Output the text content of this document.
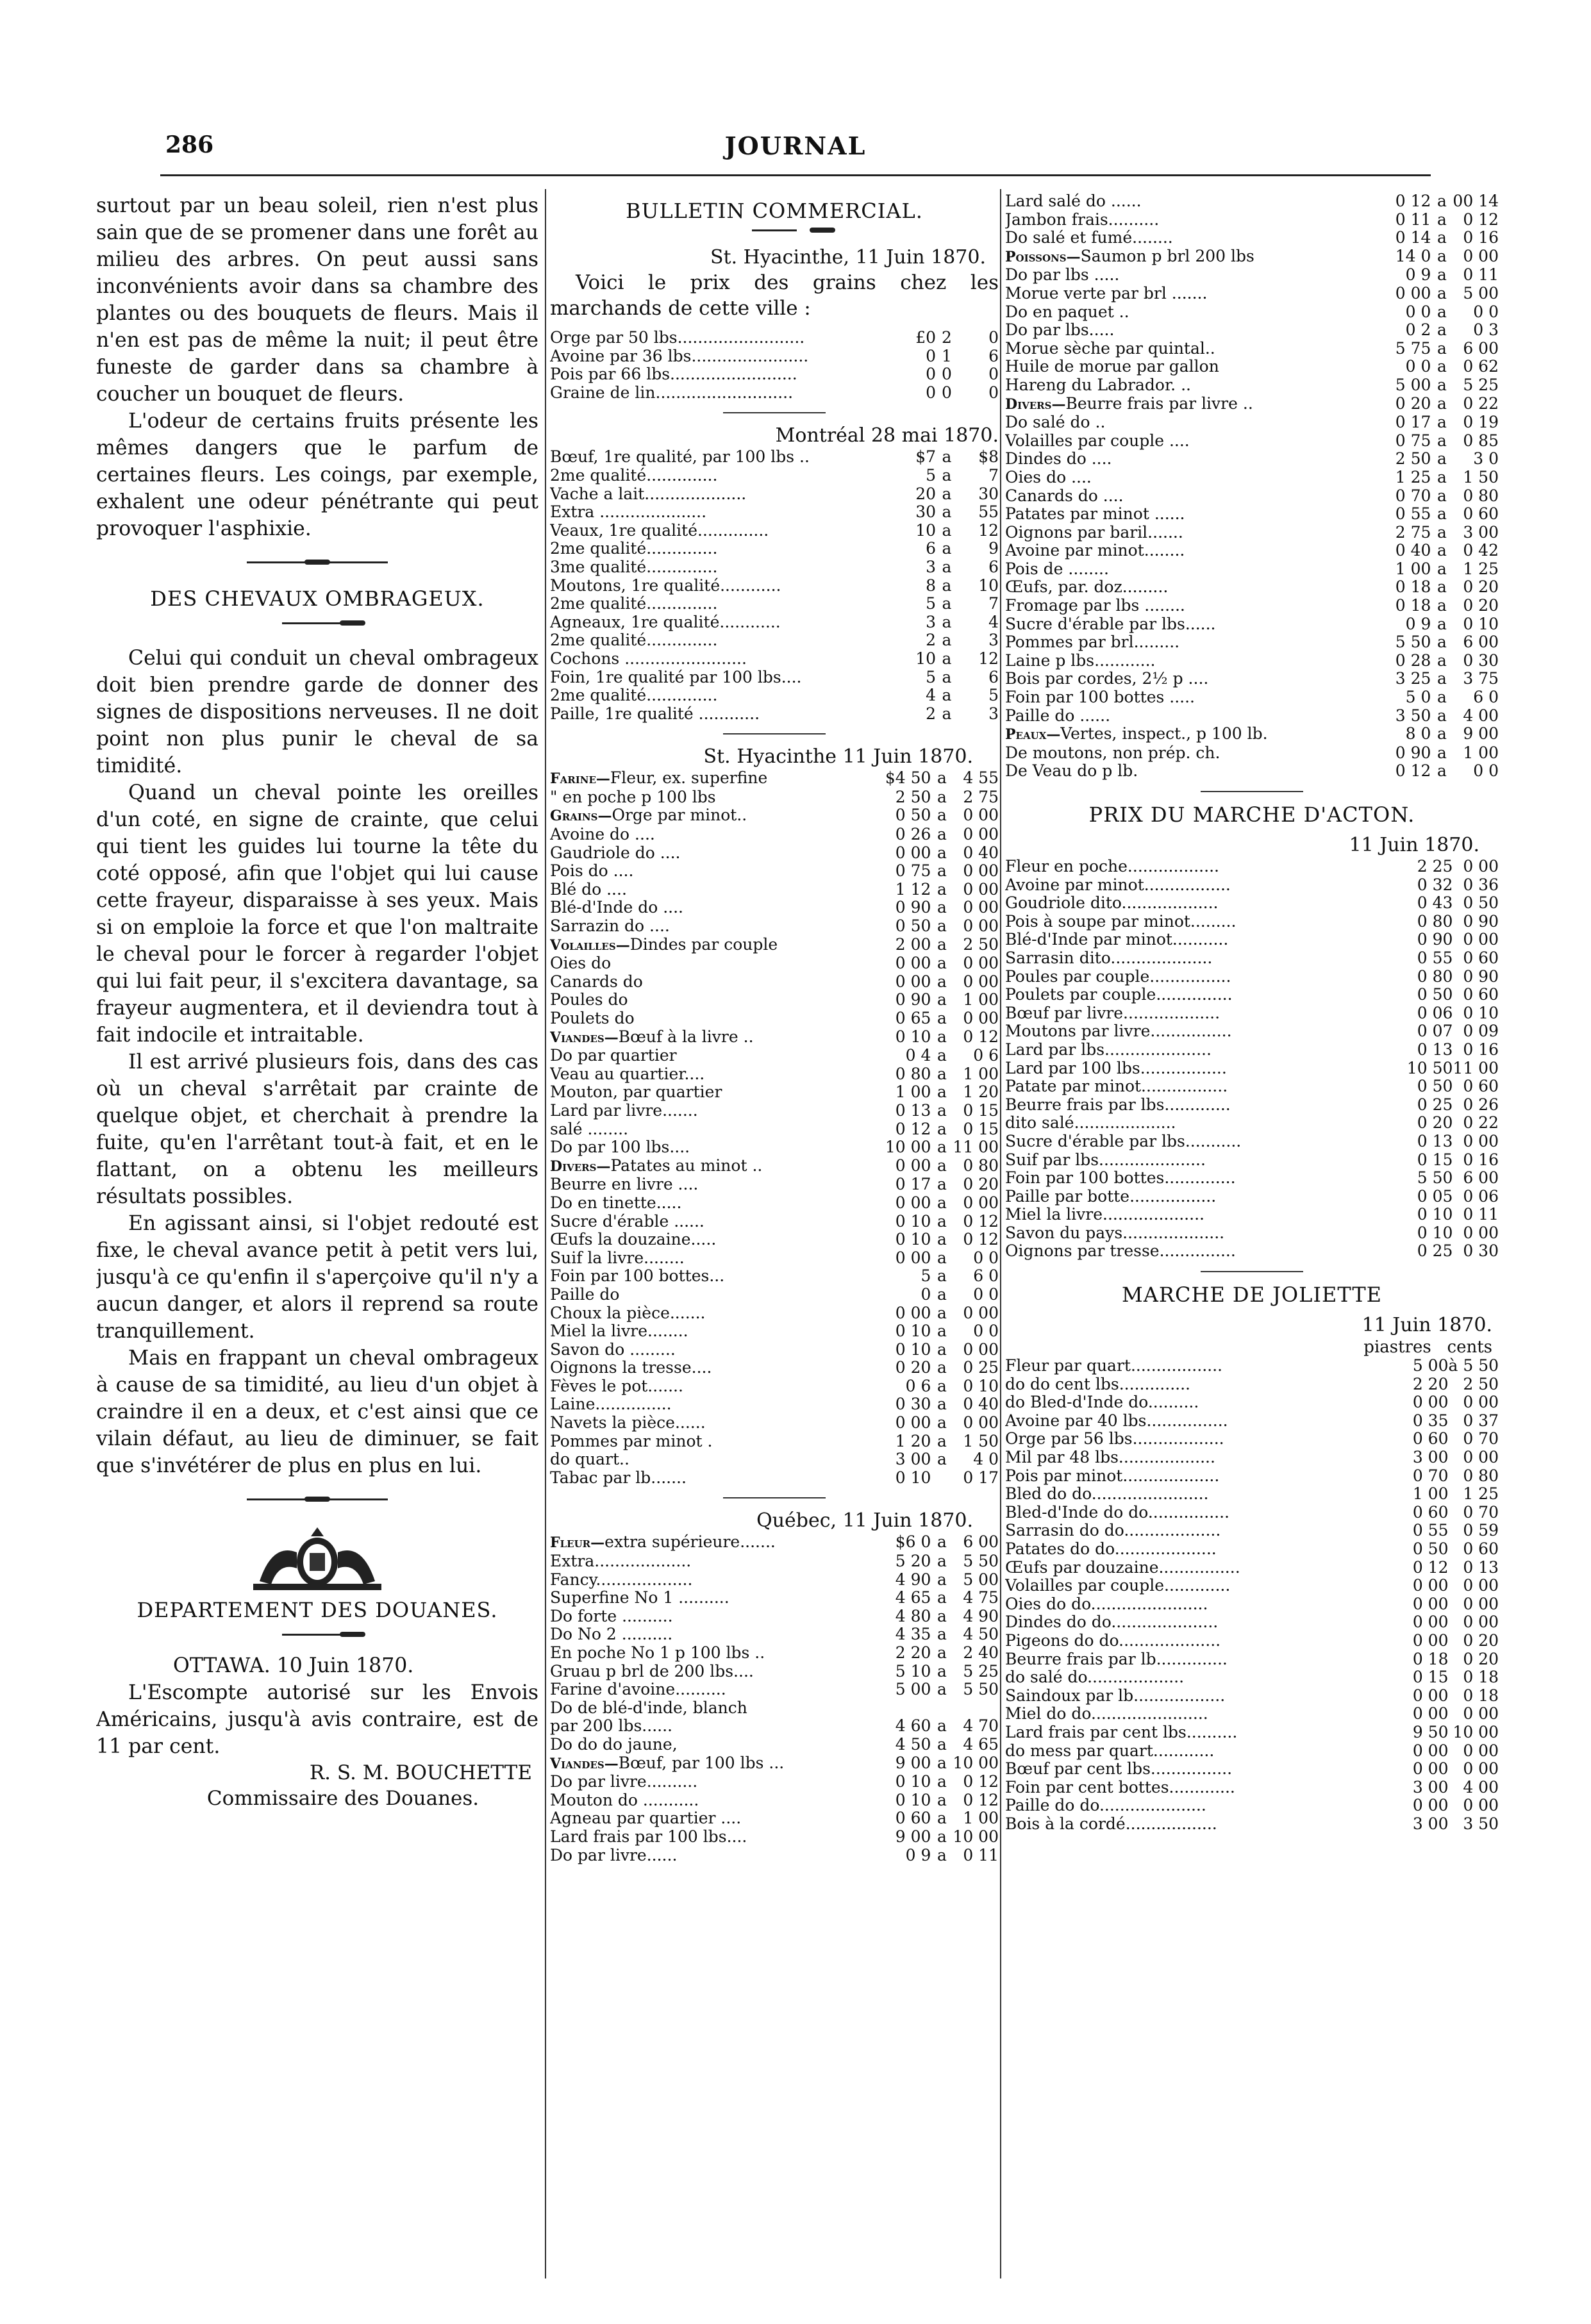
286	JOURNAL

surtout par un beau soleil, rien n'est plus sain que de se promener dans une forêt au milieu des arbres. On peut aussi sans inconvénients avoir dans sa chambre des plantes ou des bouquets de fleurs. Mais il n'en est pas de même la nuit; il peut être funeste de garder dans sa chambre à coucher un bouquet de fleurs.

L'odeur de certains fruits présente les mêmes dangers que le parfum de certaines fleurs. Les coings, par exemple, exhalent une odeur pénétrante qui peut provoquer l'asphixie.

DES CHEVAUX OMBRAGEUX.

Celui qui conduit un cheval ombrageux doit bien prendre garde de donner des signes de dispositions nerveuses. Il ne doit point non plus punir le cheval de sa timidité.

Quand un cheval pointe les oreilles d'un coté, en signe de crainte, que celui qui tient les guides lui tourne la tête du coté opposé, afin que l'objet qui lui cause cette frayeur, disparaisse à ses yeux. Mais si on emploie la force et que l'on maltraite le cheval pour le forcer à regarder l'objet qui lui fait peur, il s'excitera davantage, sa frayeur augmentera, et il deviendra tout à fait indocile et intraitable.

Il est arrivé plusieurs fois, dans des cas où un cheval s'arrêtait par crainte de quelque objet, et cherchait à prendre la fuite, qu'en l'arrêtant tout-à fait, et en le flattant, on a obtenu les meilleurs résultats possibles.

En agissant ainsi, si l'objet redouté est fixe, le cheval avance petit à petit vers lui, jusqu'à ce qu'enfin il s'aperçoive qu'il n'y a aucun danger, et alors il reprend sa route tranquillement.

Mais en frappant un cheval ombrageux à cause de sa timidité, au lieu d'un objet à craindre il en a deux, et c'est ainsi que ce vilain défaut, au lieu de diminuer, se fait que s'invétérer de plus en plus en lui.

DEPARTEMENT DES DOUANES.

OTTAWA. 10 Juin 1870.

L'Escompte autorisé sur les Envois Américains, jusqu'à avis contraire, est de 11 par cent.

R. S. M. BOUCHETTE
Commissaire des Douanes.
BULLETIN COMMERCIAL.
St. Hyacinthe, 11 Juin 1870.

Voici le prix des grains chez les marchands de cette ville :

Orge par 50 lbs.........................	£0	2	0
Avoine par 36 lbs.......................	0	1	6
Pois par 66 lbs.........................	0	0	0
Graine de lin...........................	0	0	0
Montréal 28 mai 1870.
Bœuf, 1re qualité, par 100 lbs ..	$7	a	$8
2me qualité..............	5	a	7
Vache a lait....................	20	a	30
Extra .....................	30	a	55
Veaux, 1re qualité..............	10	a	12
2me qualité..............	6	a	9
3me qualité..............	3	a	6
Moutons, 1re qualité............	8	a	10
2me qualité..............	5	a	7
Agneaux, 1re qualité............	3	a	4
2me qualité..............	2	a	3
Cochons ........................	10	a	12
Foin, 1re qualité par 100 lbs....	5	a	6
2me qualité..............	4	a	5
Paille, 1re qualité ............	2	a	3
St. Hyacinthe 11 Juin 1870.
Farine—Fleur, ex. superfine	$4 50	a	4 55
" en poche p 100 lbs	2 50	a	2 75
Grains—Orge par minot..	0 50	a	0 00
Avoine do ....	0 26	a	0 00
Gaudriole do ....	0 00	a	0 40
Pois do ....	0 75	a	0 00
Blé do ....	1 12	a	0 00
Blé-d'Inde do ....	0 90	a	0 00
Sarrazin do ....	0 50	a	0 00
Volailles—Dindes par couple	2 00	a	2 50
Oies do	0 00	a	0 00
Canards do	0 00	a	0 00
Poules do	0 90	a	1 00
Poulets do	0 65	a	0 00
Viandes—Bœuf à la livre ..	0 10	a	0 12
Do par quartier	0 4	a	0 6
Veau au quartier....	0 80	a	1 00
Mouton, par quartier	1 00	a	1 20
Lard par livre.......	0 13	a	0 15
salé ........	0 12	a	0 15
Do par 100 lbs....	10 00	a	11 00
Divers—Patates au minot ..	0 00	a	0 80
Beurre en livre ....	0 17	a	0 20
Do en tinette.....	0 00	a	0 00
Sucre d'érable ......	0 10	a	0 12
Œufs la douzaine.....	0 10	a	0 12
Suif la livre........	0 00	a	0 0
Foin par 100 bottes...	5	a	6 0
Paille do	0	a	0 0
Choux la pièce.......	0 00	a	0 00
Miel la livre........	0 10	a	0 0
Savon do .........	0 10	a	0 00
Oignons la tresse....	0 20	a	0 25
Fèves le pot.......	0 6	a	0 10
Laine...............	0 30	a	0 40
Navets la pièce......	0 00	a	0 00
Pommes par minot .	1 20	a	1 50
do quart..	3 00	a	4 0
Tabac par lb.......	0 10		0 17
Québec, 11 Juin 1870.
Fleur—extra supérieure.......	$6 0	a	6 00
Extra...................	5 20	a	5 50
Fancy...................	4 90	a	5 00
Superfine No 1 ..........	4 65	a	4 75
Do forte ..........	4 80	a	4 90
Do No 2 ..........	4 35	a	4 50
En poche No 1 p 100 lbs ..	2 20	a	2 40
Gruau p brl de 200 lbs....	5 10	a	5 25
Farine d'avoine..........	5 00	a	5 50
Do de blé-d'inde, blanch			
par 200 lbs......	4 60	a	4 70
Do do do jaune,	4 50	a	4 65
Viandes—Bœuf, par 100 lbs ...	9 00	a	10 00
Do par livre..........	0 10	a	0 12
Mouton do ...........	0 10	a	0 12
Agneau par quartier ....	0 60	a	1 00
Lard frais par 100 lbs....	9 00	a	10 00
Do par livre......	0 9	a	0 11
Lard salé do ......	0 12	a	00 14
Jambon frais..........	0 11	a	0 12
Do salé et fumé........	0 14	a	0 16
Poissons—Saumon p brl 200 lbs	14 0	a	0 00
Do par lbs .....	0 9	a	0 11
Morue verte par brl .......	0 00	a	5 00
Do en paquet ..	0 0	a	0 0
Do par lbs.....	0 2	a	0 3
Morue sèche par quintal..	5 75	a	6 00
Huile de morue par gallon	0 0	a	0 62
Hareng du Labrador. ..	5 00	a	5 25
Divers—Beurre frais par livre ..	0 20	a	0 22
Do salé do ..	0 17	a	0 19
Volailles par couple ....	0 75	a	0 85
Dindes do ....	2 50	a	3 0
Oies do ....	1 25	a	1 50
Canards do ....	0 70	a	0 80
Patates par minot ......	0 55	a	0 60
Oignons par baril.......	2 75	a	3 00
Avoine par minot........	0 40	a	0 42
Pois de ........	1 00	a	1 25
Œufs, par. doz.........	0 18	a	0 20
Fromage par lbs ........	0 18	a	0 20
Sucre d'érable par lbs......	0 9	a	0 10
Pommes par brl.........	5 50	a	6 00
Laine p lbs............	0 28	a	0 30
Bois par cordes, 2½ p ....	3 25	a	3 75
Foin par 100 bottes .....	5 0	a	6 0
Paille do ......	3 50	a	4 00
Peaux—Vertes, inspect., p 100 lb.	8 0	a	9 00
De moutons, non prép. ch.	0 90	a	1 00
De Veau do p lb.	0 12	a	0 0
PRIX DU MARCHE D'ACTON.
11 Juin 1870.
Fleur en poche..................	2 25	0 00
Avoine par minot.................	0 32	0 36
Goudriole dito...................	0 43	0 50
Pois à soupe par minot.........	0 80	0 90
Blé-d'Inde par minot...........	0 90	0 00
Sarrasin dito....................	0 55	0 60
Poules par couple................	0 80	0 90
Poulets par couple...............	0 50	0 60
Bœuf par livre...................	0 06	0 10
Moutons par livre................	0 07	0 09
Lard par lbs.....................	0 13	0 16
Lard par 100 lbs.................	10 50	11 00
Patate par minot.................	0 50	0 60
Beurre frais par lbs.............	0 25	0 26
dito salé....................	0 20	0 22
Sucre d'érable par lbs...........	0 13	0 00
Suif par lbs.....................	0 15	0 16
Foin par 100 bottes..............	5 50	6 00
Paille par botte.................	0 05	0 06
Miel la livre....................	0 10	0 11
Savon du pays....................	0 10	0 00
Oignons par tresse...............	0 25	0 30
MARCHE DE JOLIETTE
11 Juin 1870.
piastres cents
Fleur par quart..................	5 00	à 5 50
do do cent lbs..............	2 20	2 50
do Bled-d'Inde do..........	0 00	0 00
Avoine par 40 lbs................	0 35	0 37
Orge par 56 lbs..................	0 60	0 70
Mil par 48 lbs...................	3 00	0 00
Pois par minot...................	0 70	0 80
Bled do do.......................	1 00	1 25
Bled-d'Inde do do................	0 60	0 70
Sarrasin do do...................	0 55	0 59
Patates do do....................	0 50	0 60
Œufs par douzaine................	0 12	0 13
Volailles par couple.............	0 00	0 00
Oies do do.......................	0 00	0 00
Dindes do do.....................	0 00	0 00
Pigeons do do....................	0 00	0 20
Beurre frais par lb..............	0 18	0 20
do salé do...................	0 15	0 18
Saindoux par lb..................	0 00	0 18
Miel do do.......................	0 00	0 00
Lard frais par cent lbs..........	9 50	10 00
do mess par quart............	0 00	0 00
Bœuf par cent lbs................	0 00	0 00
Foin par cent bottes.............	3 00	4 00
Paille do do.....................	0 00	0 00
Bois à la cordé..................	3 00	3 50
